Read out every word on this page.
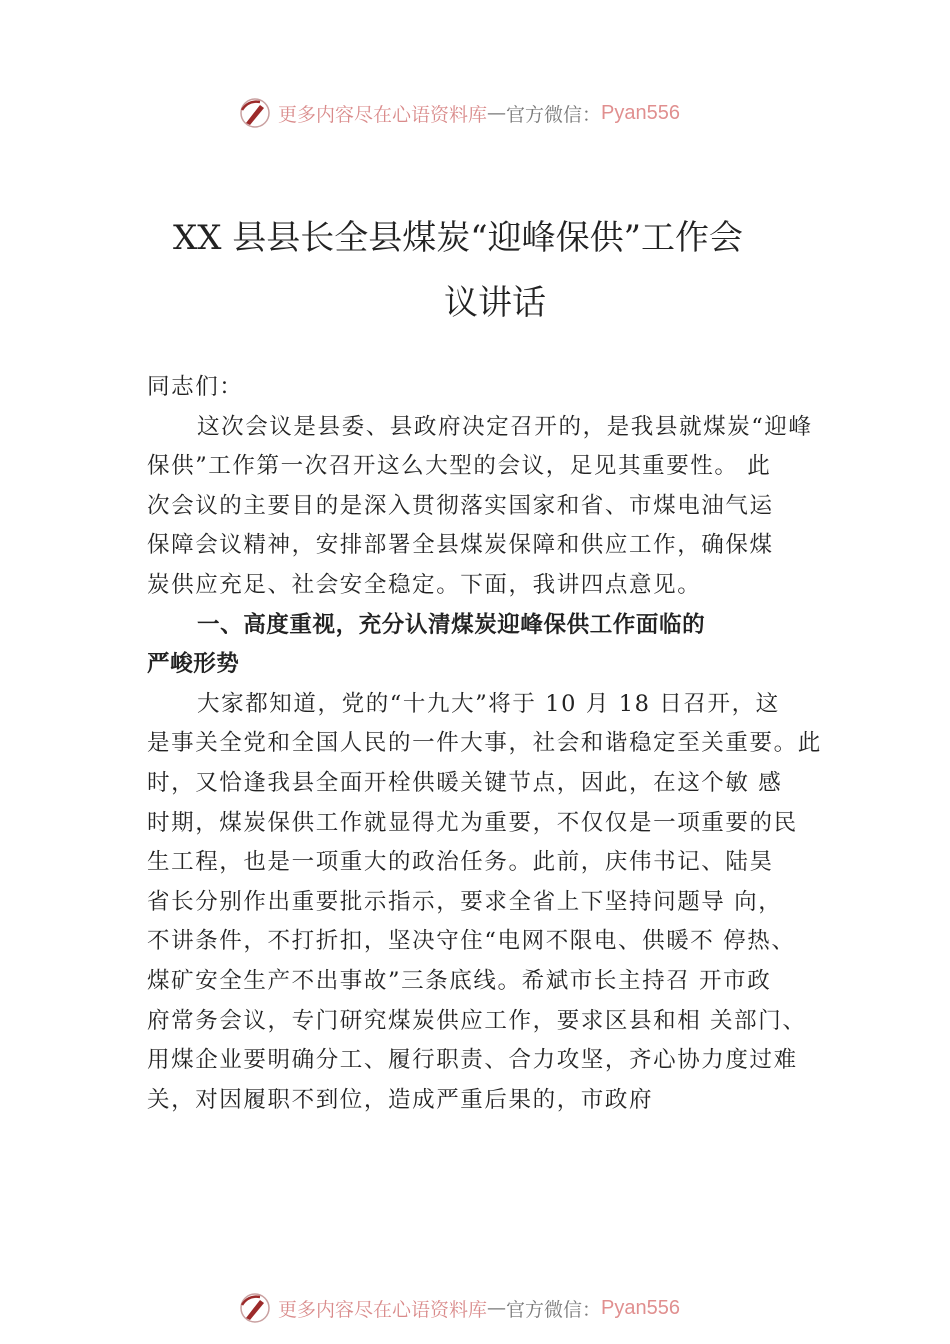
更多内容尽在心语资料库 — 官方微信： Pyan556
XX 县县长全县煤炭“迎峰保供”工作会
议讲话
同志们：
这次会议是县委、县政府决定召开的，是我县就煤炭“迎峰
保供”工作第一次召开这么大型的会议，足见其重要性。 此
次会议的主要目的是深入贯彻落实国家和省、市煤电油气运
保障会议精神，安排部署全县煤炭保障和供应工作，确保煤
炭供应充足、社会安全稳定。下面，我讲四点意见。
一、高度重视，充分认清煤炭迎峰保供工作面临的
严峻形势
大家都知道，党的“十九大”将于 10 月 18 日召开，这
是事关全党和全国人民的一件大事，社会和谐稳定至关重要。此
时，又恰逢我县全面开栓供暖关键节点，因此，在这个敏 感
时期，煤炭保供工作就显得尤为重要，不仅仅是一项重要的民
生工程，也是一项重大的政治任务。此前，庆伟书记、陆昊
省长分别作出重要批示指示，要求全省上下坚持问题导 向，
不讲条件，不打折扣，坚决守住“电网不限电、供暖不 停热、
煤矿安全生产不出事故”三条底线。希斌市长主持召 开市政
府常务会议，专门研究煤炭供应工作，要求区县和相 关部门、
用煤企业要明确分工、履行职责、合力攻坚，齐心协力度过难
关，对因履职不到位，造成严重后果的，市政府
更多内容尽在心语资料库 — 官方微信： Pyan556
